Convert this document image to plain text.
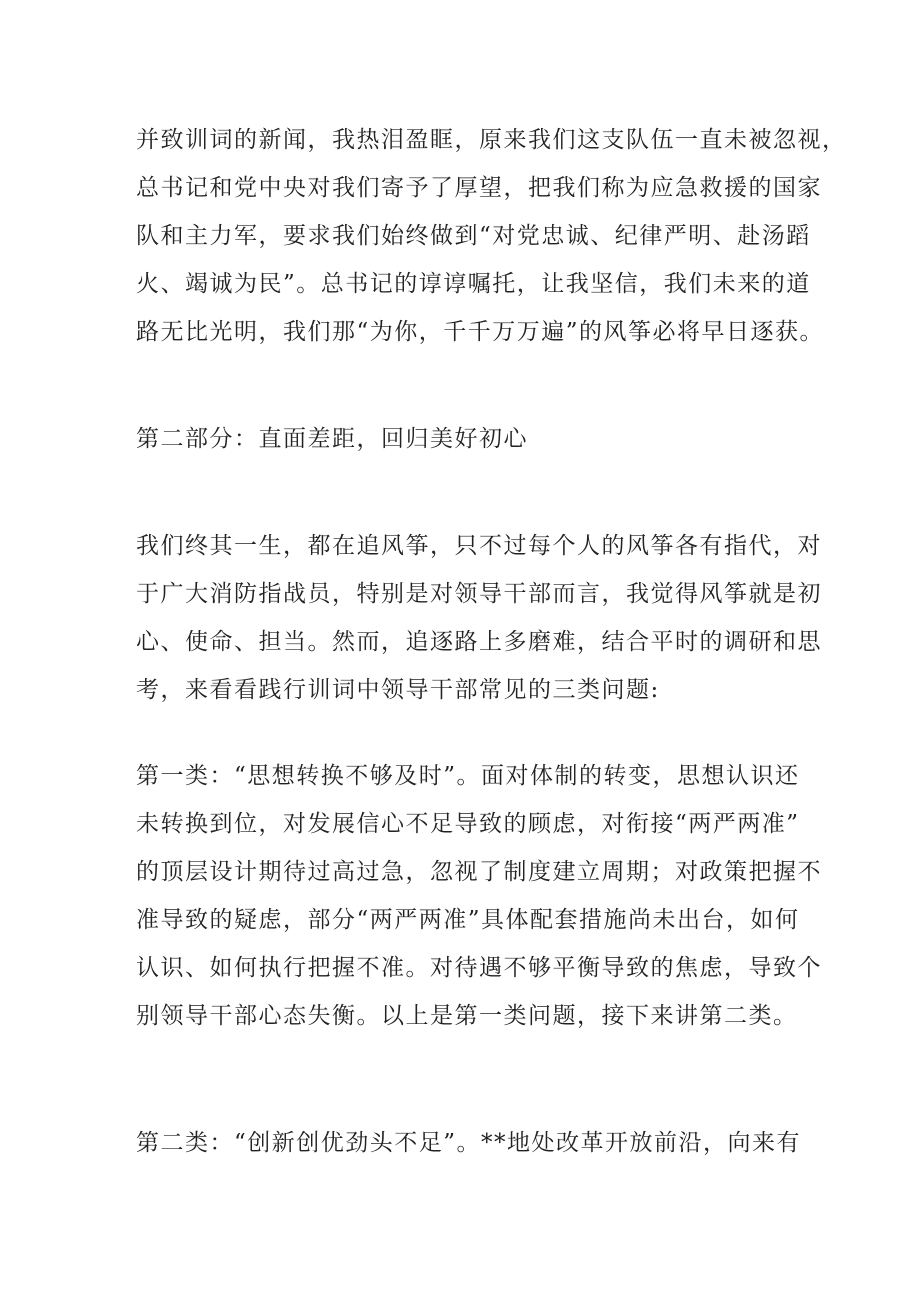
并致训词的新闻，我热泪盈眶，原来我们这支队伍一直未被忽视，
总书记和党中央对我们寄予了厚望，把我们称为应急救援的国家
队和主力军，要求我们始终做到“对党忠诚、纪律严明、赴汤蹈
火、竭诚为民”。总书记的谆谆嘱托，让我坚信，我们未来的道
路无比光明，我们那“为你，千千万万遍”的风筝必将早日逐获。
第二部分：直面差距，回归美好初心
我们终其一生，都在追风筝，只不过每个人的风筝各有指代，对
于广大消防指战员，特别是对领导干部而言，我觉得风筝就是初
心、使命、担当。然而，追逐路上多磨难，结合平时的调研和思
考，来看看践行训词中领导干部常见的三类问题:
第一类：“思想转换不够及时”。面对体制的转变，思想认识还
未转换到位，对发展信心不足导致的顾虑，对衔接“两严两准”
的顶层设计期待过高过急，忽视了制度建立周期；对政策把握不
准导致的疑虑，部分“两严两准”具体配套措施尚未出台，如何
认识、如何执行把握不准。对待遇不够平衡导致的焦虑，导致个
别领导干部心态失衡。以上是第一类问题，接下来讲第二类。
第二类：“创新创优劲头不足”。**地处改革开放前沿，向来有
